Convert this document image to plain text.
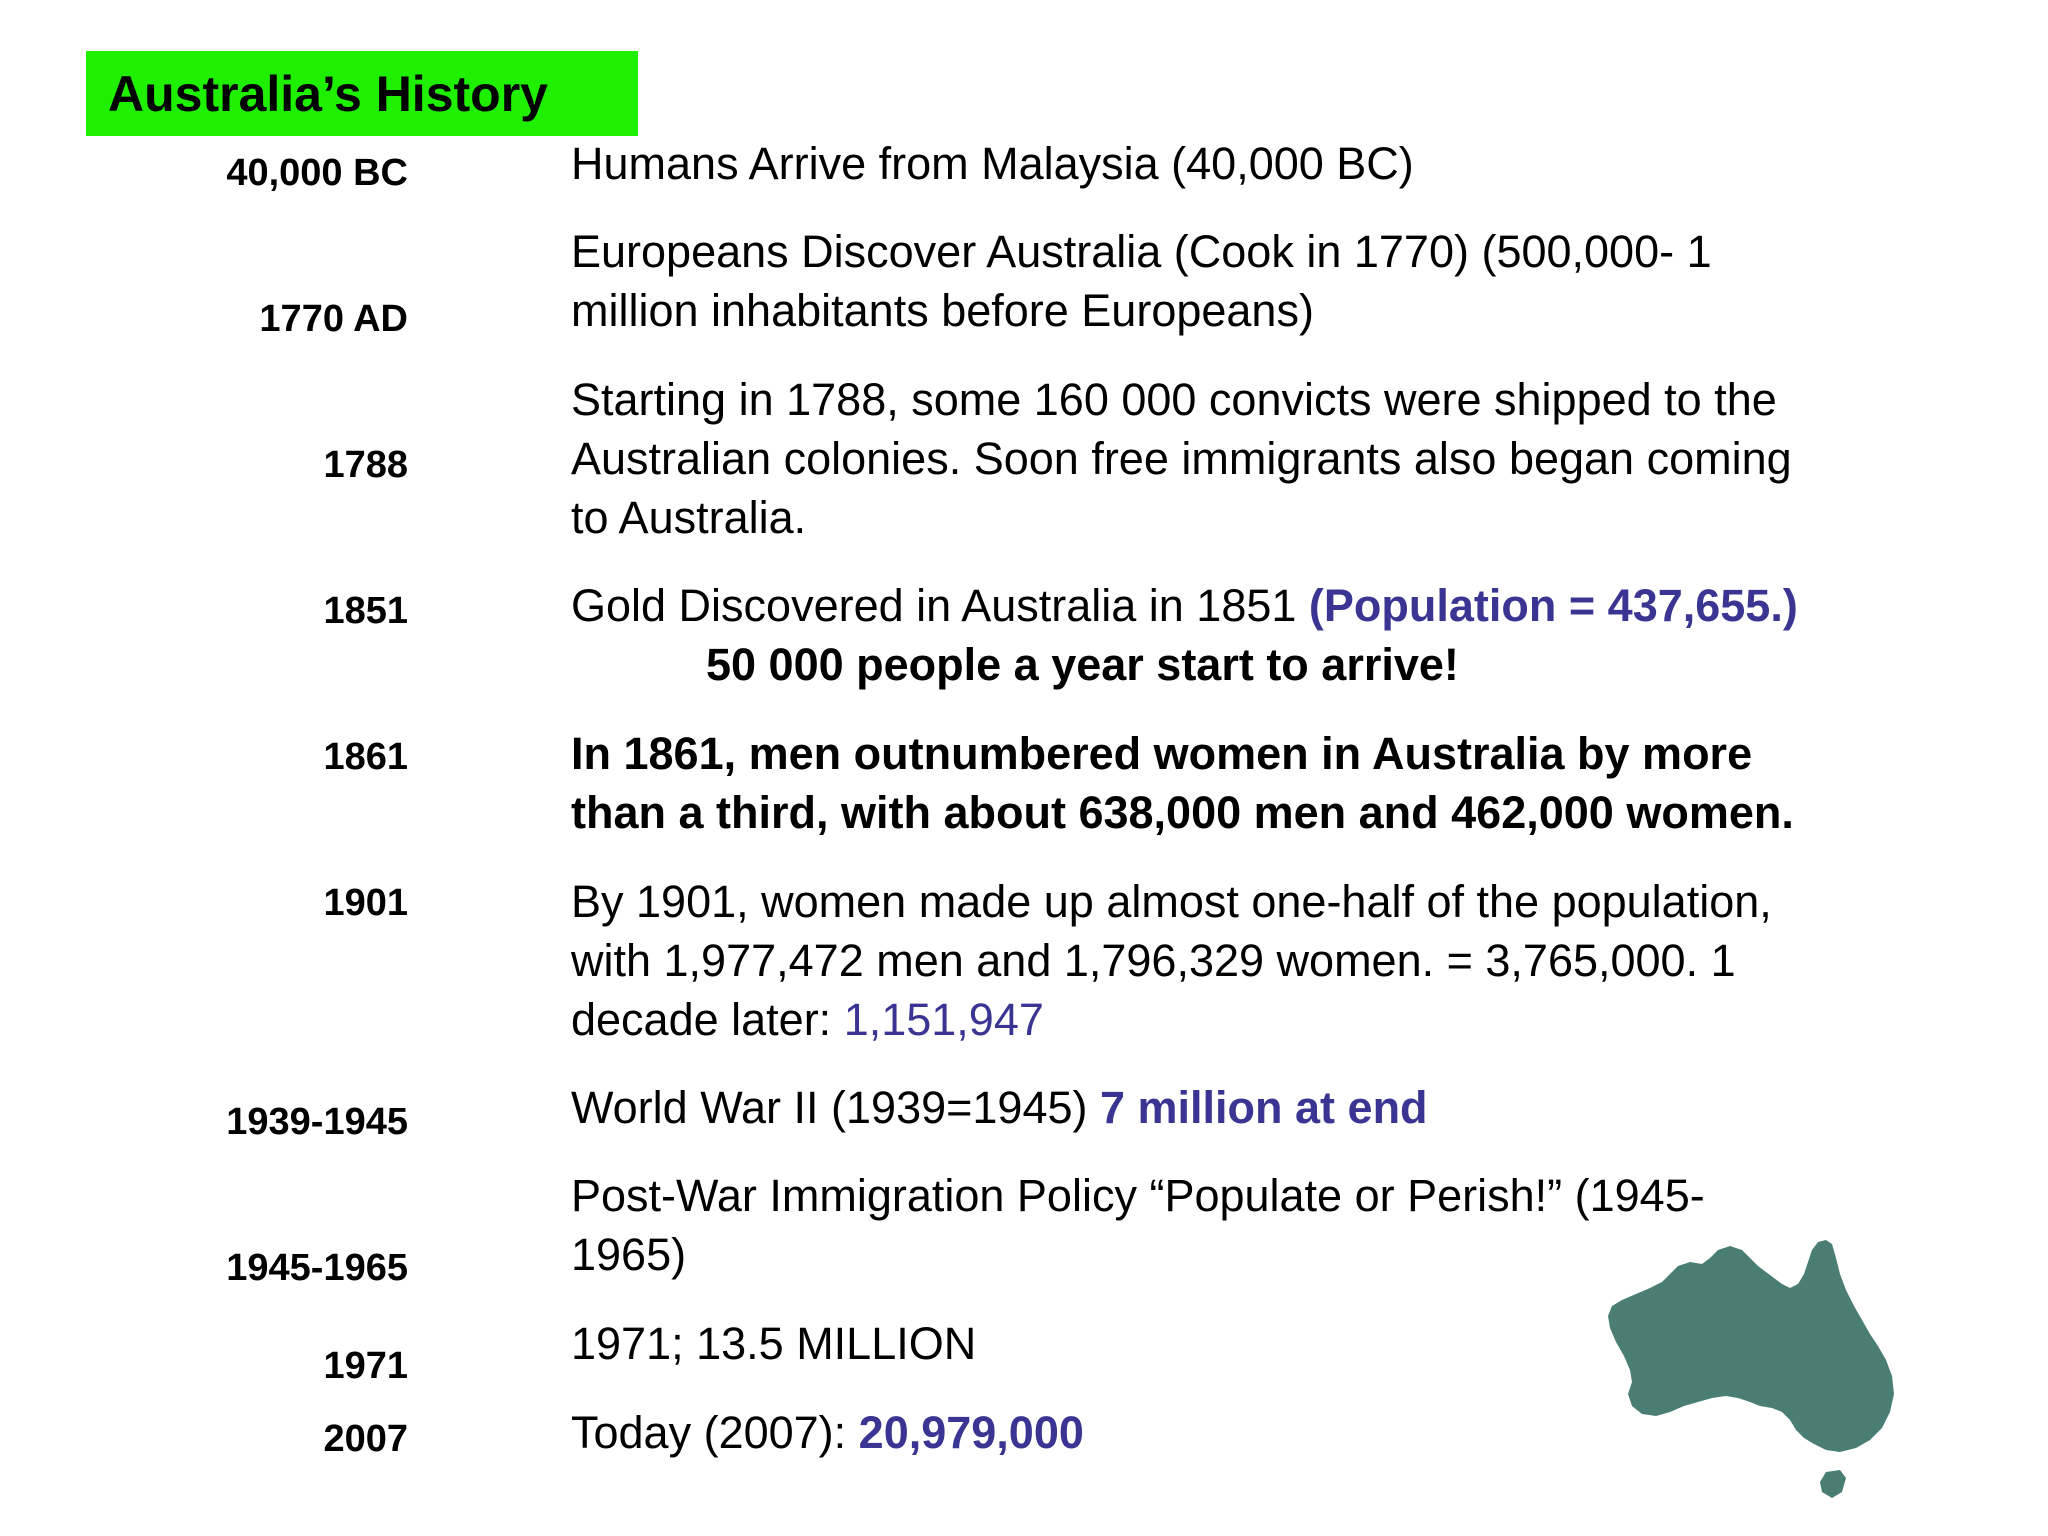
Australia’s History
40,000 BC
1770 AD
1788
1851
1861
1901
1939-1945
1945-1965
1971
2007
Humans Arrive from Malaysia (40,000 BC)
Europeans Discover Australia (Cook in 1770) (500,000- 1
million inhabitants before Europeans)
Starting in 1788, some 160 000 convicts were shipped to the
Australian colonies. Soon free immigrants also began coming
to Australia.
Gold Discovered in Australia in 1851 (Population = 437,655.)
50 000 people a year start to arrive!
In 1861, men outnumbered women in Australia by more
than a third, with about 638,000 men and 462,000 women.
By 1901, women made up almost one-half of the population,
with 1,977,472 men and 1,796,329 women. = 3,765,000. 1
decade later: 1,151,947
World War II (1939=1945) 7 million at end
Post-War Immigration Policy “Populate or Perish!” (1945-
1965)
1971; 13.5 MILLION
Today (2007): 20,979,000
